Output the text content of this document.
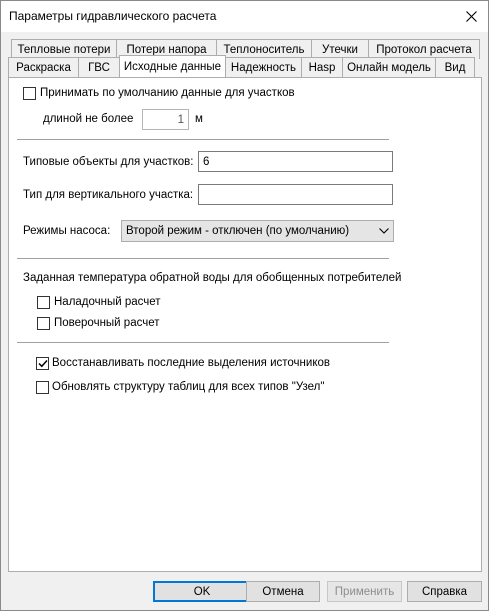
Параметры гидравлического расчета
Тепловые потери Потери напора Теплоноситель Утечки Протокол расчета
Раскраска ГВС Исходные данные Надежность Hasp Онлайн модель Вид
Принимать по умолчанию данные для участков
длиной не более	1 м
Типовые объекты для участков: 6
Тип для вертикального участка:
Режимы насоса: Второй режим - отключен (по умолчанию)
Заданная температура обратной воды для обобщенных потребителей
Наладочный расчет
Поверочный расчет
Восстанавливать последние выделения источников
Обновлять структуру таблиц для всех типов "Узел"
OK	Отмена	Применить Справка
